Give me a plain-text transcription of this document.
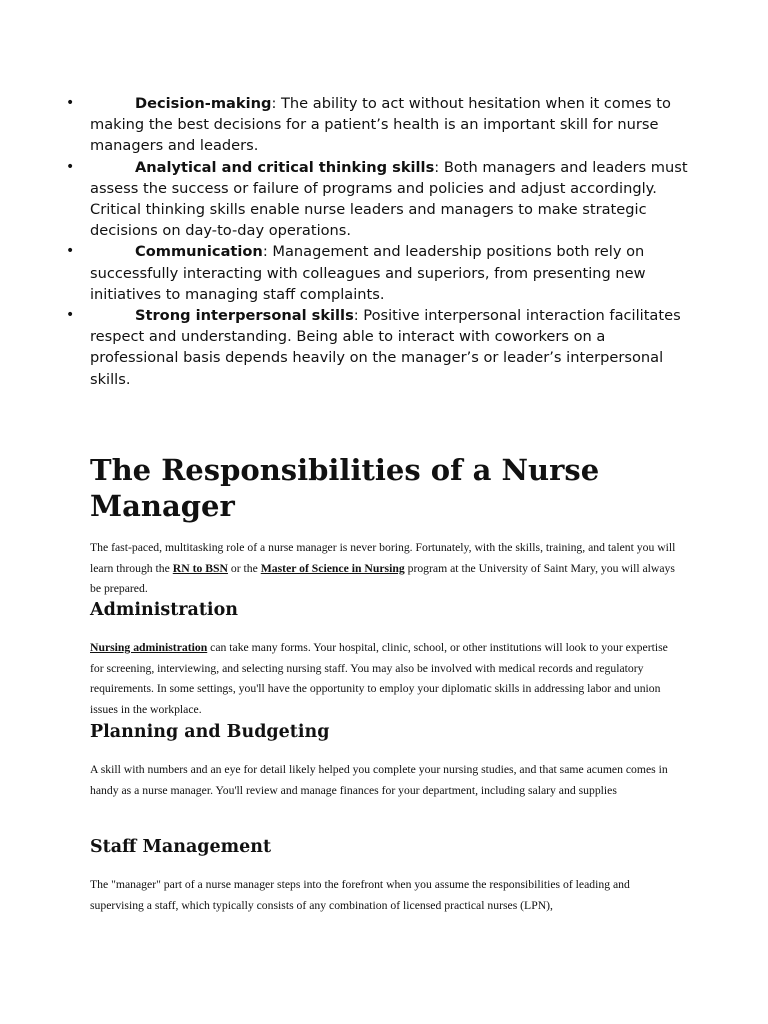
•	Decision-making: The ability to act without hesitation when it comes to making the best decisions for a patient’s health is an important skill for nurse managers and leaders.
•	Analytical and critical thinking skills: Both managers and leaders must assess the success or failure of programs and policies and adjust accordingly. Critical thinking skills enable nurse leaders and managers to make strategic decisions on day-to-day operations.
•	Communication: Management and leadership positions both rely on successfully interacting with colleagues and superiors, from presenting new initiatives to managing staff complaints.
•	Strong interpersonal skills: Positive interpersonal interaction facilitates respect and understanding. Being able to interact with coworkers on a professional basis depends heavily on the manager’s or leader’s interpersonal skills.
The Responsibilities of a Nurse Manager

The fast-paced, multitasking role of a nurse manager is never boring. Fortunately, with the skills, training, and talent you will learn through the RN to BSN or the Master of Science in Nursing program at the University of Saint Mary, you will always be prepared.

Administration

Nursing administration can take many forms. Your hospital, clinic, school, or other institutions will look to your expertise for screening, interviewing, and selecting nursing staff. You may also be involved with medical records and regulatory requirements. In some settings, you'll have the opportunity to employ your diplomatic skills in addressing labor and union issues in the workplace.

Planning and Budgeting

A skill with numbers and an eye for detail likely helped you complete your nursing studies, and that same acumen comes in handy as a nurse manager. You'll review and manage finances for your department, including salary and supplies

Staff Management

The "manager" part of a nurse manager steps into the forefront when you assume the responsibilities of leading and supervising a staff, which typically consists of any combination of licensed practical nurses (LPN),
